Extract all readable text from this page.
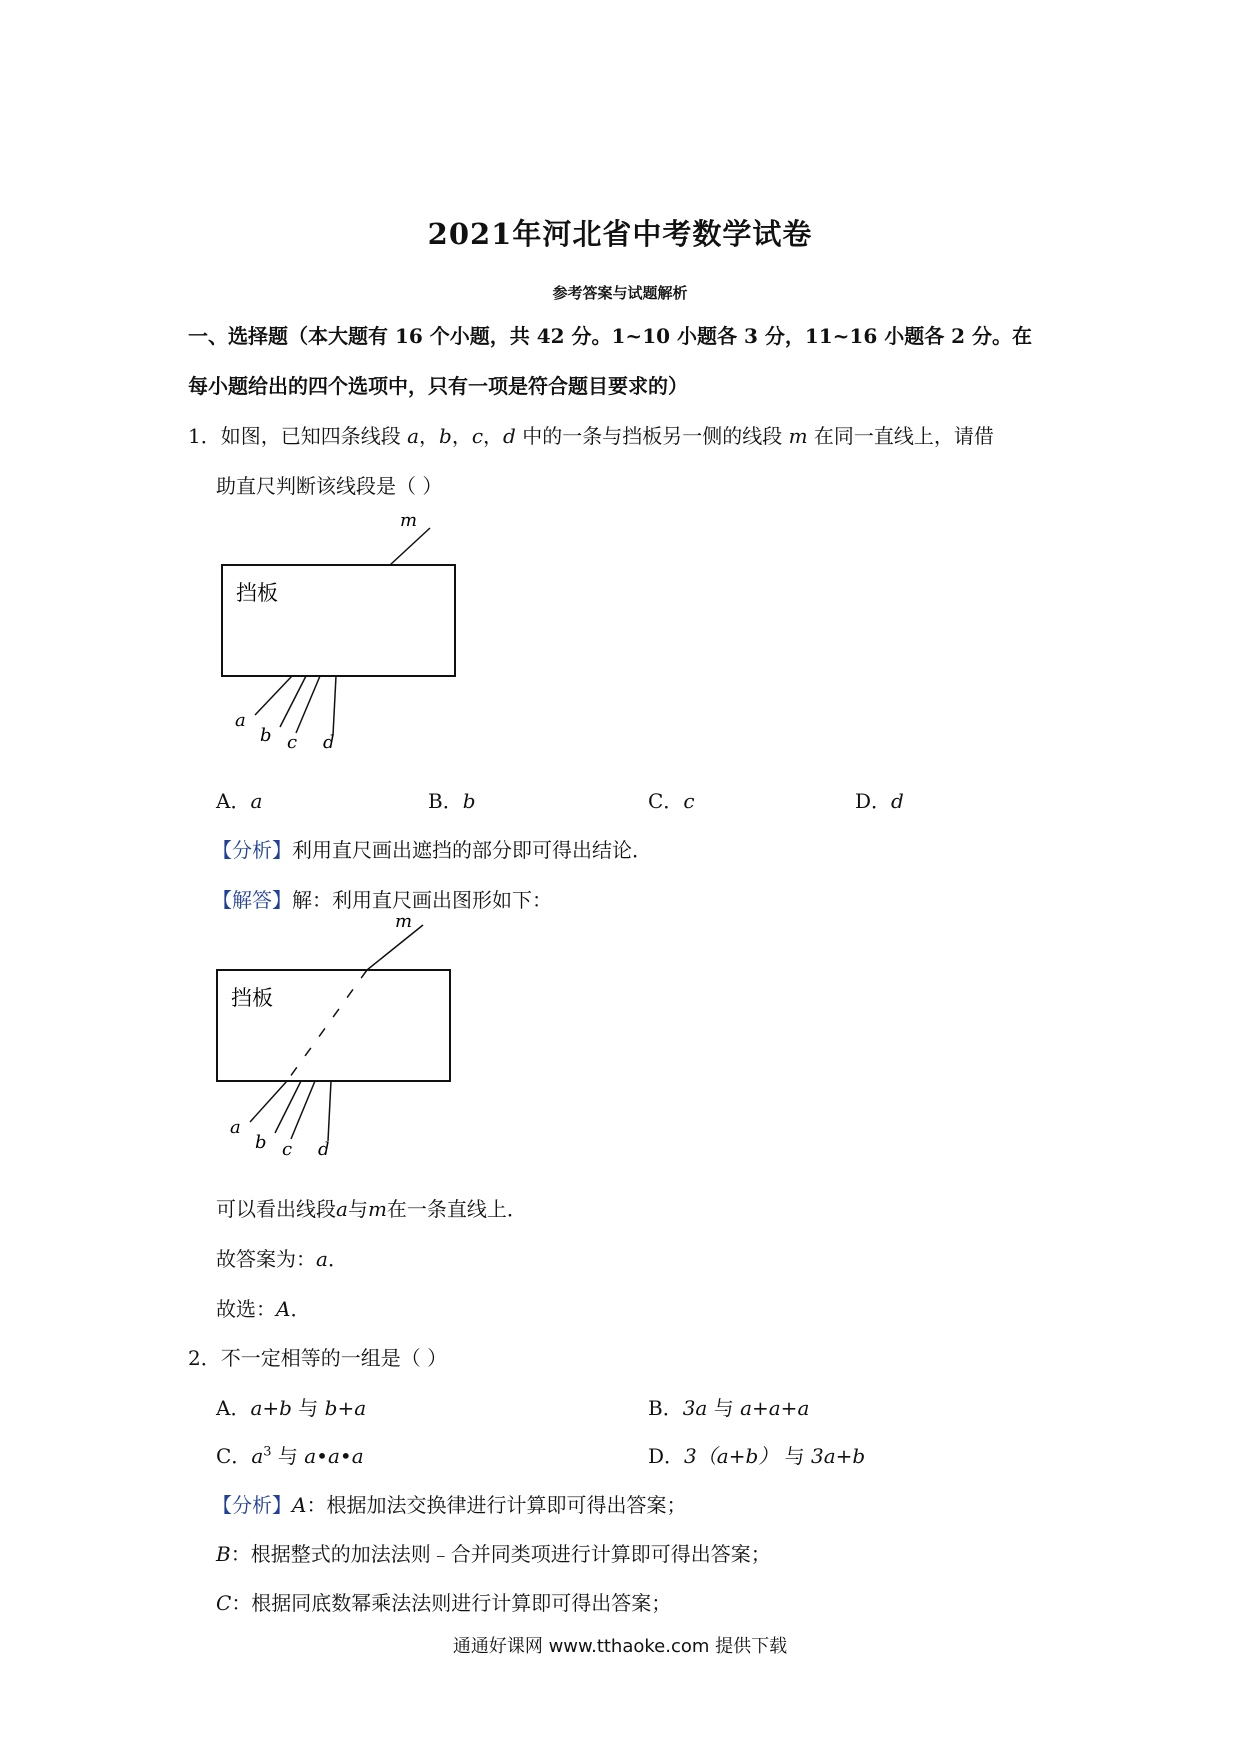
2021年河北省中考数学试卷
参考答案与试题解析
一、选择题（本大题有 16 个小题，共 42 分。1~10 小题各 3 分，11~16 小题各 2 分。在
每小题给出的四个选项中，只有一项是符合题目要求的）
1．如图，已知四条线段 a，b，c，d 中的一条与挡板另一侧的线段 m 在同一直线上，请借
助直尺判断该线段是（ ）
挡板
m
a
b c d
A．a	B．b	C．c	D．d
【分析】利用直尺画出遮挡的部分即可得出结论．
【解答】解：利用直尺画出图形如下：
挡板
m
a
b c d
可以看出线段a与m在一条直线上．
故答案为：a．
故选：A．
2．不一定相等的一组是（ ）
A．a+b 与 b+a	B．3a 与 a+a+a
C．$a^3$ 与 a•a•a	D．3（a+b） 与 3a+b
【分析】A：根据加法交换律进行计算即可得出答案；
B：根据整式的加法法则﹣合并同类项进行计算即可得出答案；
C：根据同底数幂乘法法则进行计算即可得出答案；
通通好课网 www.tthaoke.com 提供下载
